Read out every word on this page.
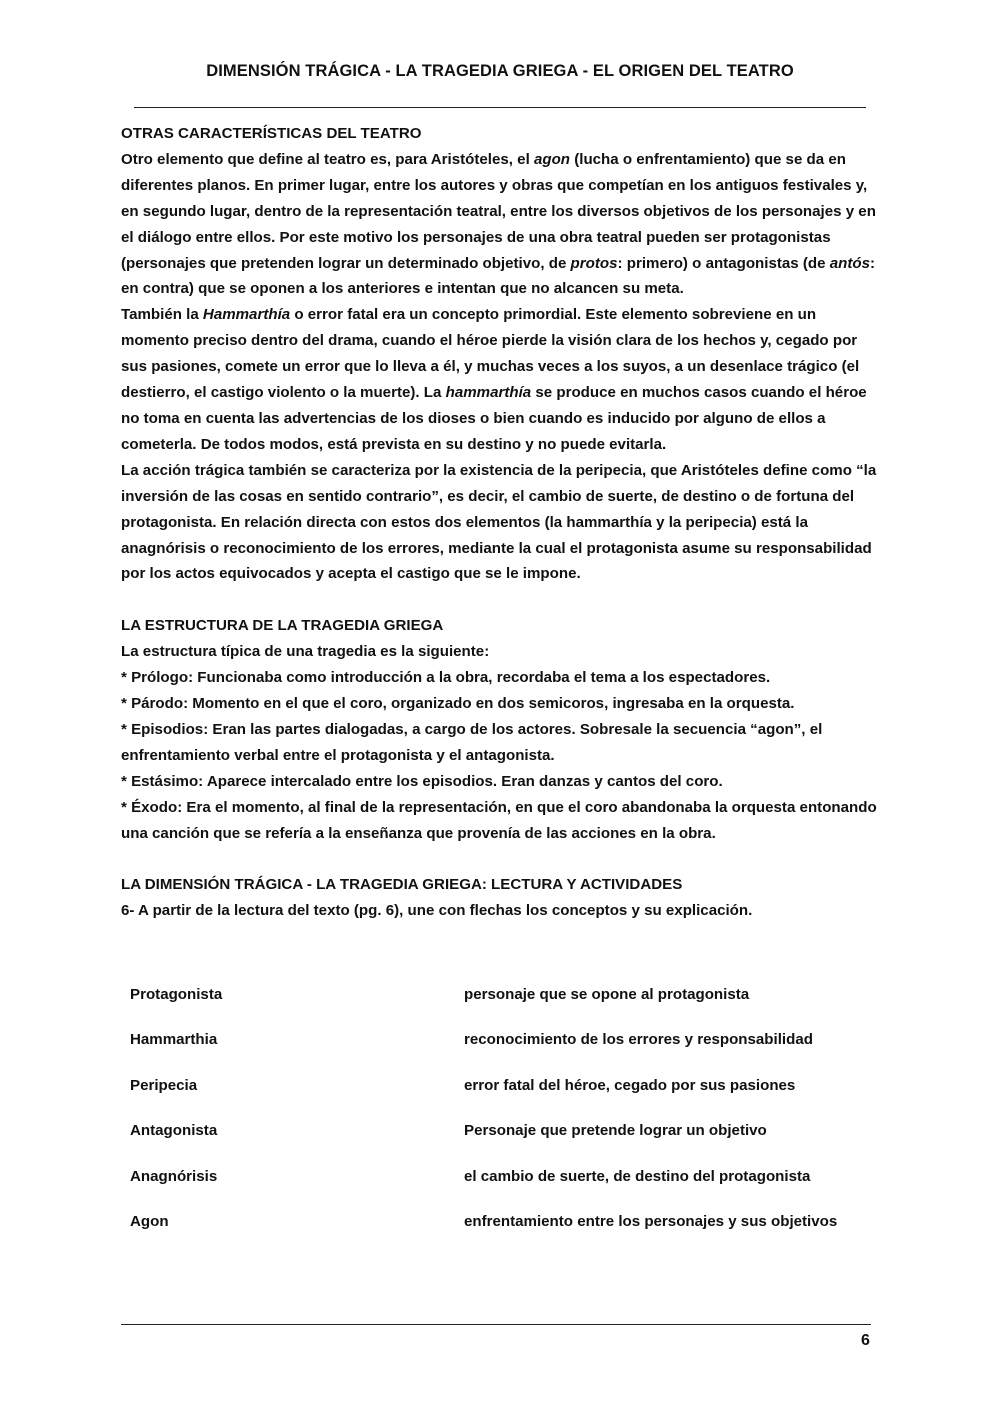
DIMENSIÓN TRÁGICA - LA TRAGEDIA GRIEGA - EL ORIGEN DEL TEATRO

OTRAS CARACTERÍSTICAS DEL TEATRO

Otro elemento que define al teatro es, para Aristóteles, el agon (lucha o enfrentamiento) que se da en diferentes planos. En primer lugar, entre los autores y obras que competían en los antiguos festivales y, en segundo lugar, dentro de la representación teatral, entre los diversos objetivos de los personajes y en el diálogo entre ellos. Por este motivo los personajes de una obra teatral pueden ser protagonistas (personajes que pretenden lograr un determinado objetivo, de protos: primero) o antagonistas (de antós: en contra) que se oponen a los anteriores e intentan que no alcancen su meta.

También la Hammarthía o error fatal era un concepto primordial. Este elemento sobreviene en un momento preciso dentro del drama, cuando el héroe pierde la visión clara de los hechos y, cegado por sus pasiones, comete un error que lo lleva a él, y muchas veces a los suyos, a un desenlace trágico (el destierro, el castigo violento o la muerte). La hammarthía se produce en muchos casos cuando el héroe no toma en cuenta las advertencias de los dioses o bien cuando es inducido por alguno de ellos a cometerla. De todos modos, está prevista en su destino y no puede evitarla.

La acción trágica también se caracteriza por la existencia de la peripecia, que Aristóteles define como “la inversión de las cosas en sentido contrario”, es decir, el cambio de suerte, de destino o de fortuna del protagonista. En relación directa con estos dos elementos (la hammarthía y la peripecia) está la anagnórisis o reconocimiento de los errores, mediante la cual el protagonista asume su responsabilidad por los actos equivocados y acepta el castigo que se le impone.

LA ESTRUCTURA DE LA TRAGEDIA GRIEGA

La estructura típica de una tragedia es la siguiente:

* Prólogo: Funcionaba como introducción a la obra, recordaba el tema a los espectadores.

* Párodo: Momento en el que el coro, organizado en dos semicoros, ingresaba en la orquesta.

* Episodios: Eran las partes dialogadas, a cargo de los actores. Sobresale la secuencia “agon”, el enfrentamiento verbal entre el protagonista y el antagonista.

* Estásimo: Aparece intercalado entre los episodios. Eran danzas y cantos del coro.

* Éxodo: Era el momento, al final de la representación, en que el coro abandonaba la orquesta entonando una canción que se refería a la enseñanza que provenía de las acciones en la obra.

LA DIMENSIÓN TRÁGICA - LA TRAGEDIA GRIEGA: LECTURA Y ACTIVIDADES

6- A partir de la lectura del texto (pg. 6), une con flechas los conceptos y su explicación.

Protagonista	personaje que se opone al protagonista
Hammarthia	reconocimiento de los errores y responsabilidad
Peripecia	error fatal del héroe, cegado por sus pasiones
Antagonista	Personaje que pretende lograr un objetivo
Anagnórisis	el cambio de suerte, de destino del protagonista
Agon	enfrentamiento entre los personajes y sus objetivos
6
